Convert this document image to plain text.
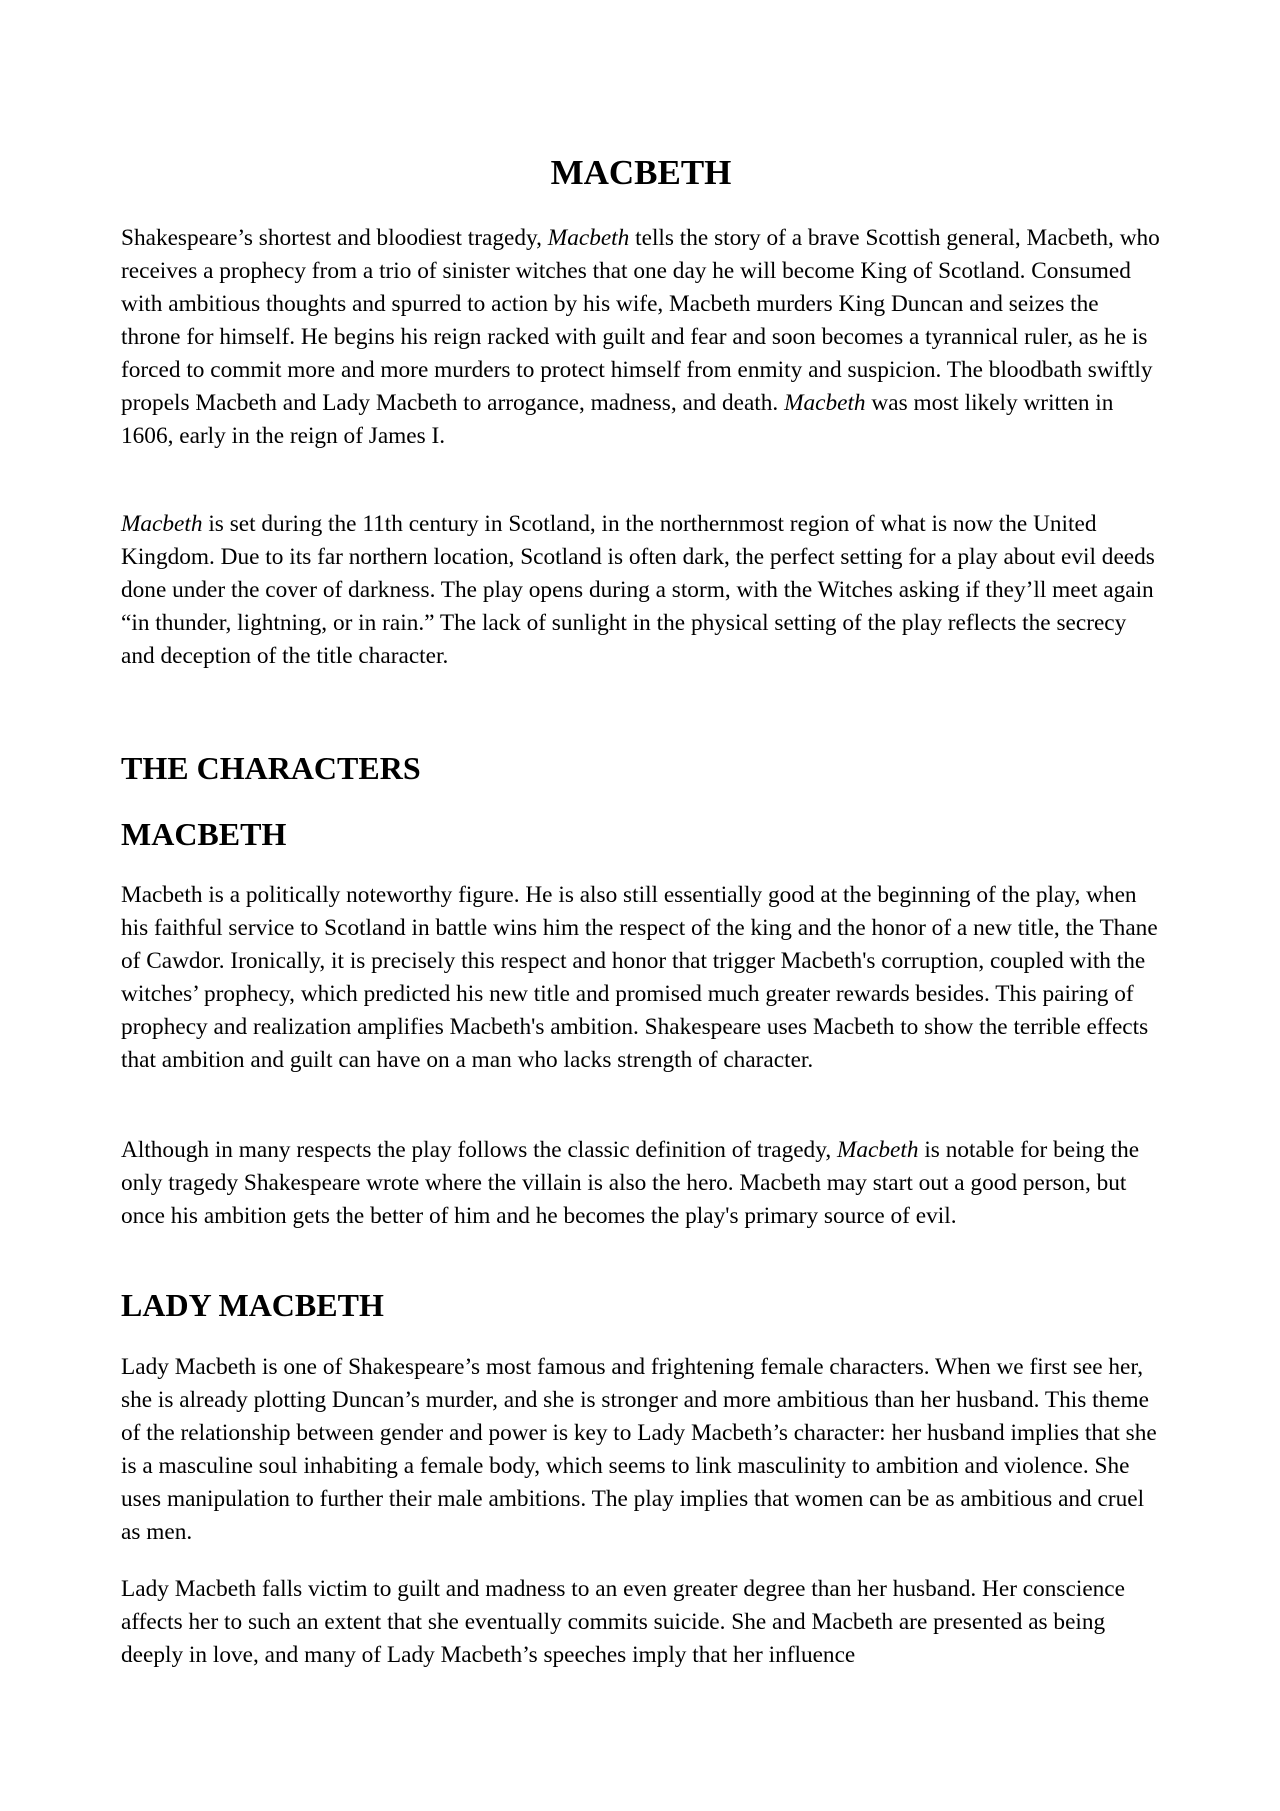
MACBETH

Shakespeare’s shortest and bloodiest tragedy, Macbeth tells the story of a brave Scottish general, Macbeth, who receives a prophecy from a trio of sinister witches that one day he will become King of Scotland. Consumed with ambitious thoughts and spurred to action by his wife, Macbeth murders King Duncan and seizes the throne for himself. He begins his reign racked with guilt and fear and soon becomes a tyrannical ruler, as he is forced to commit more and more murders to protect himself from enmity and suspicion. The bloodbath swiftly propels Macbeth and Lady Macbeth to arrogance, madness, and death. Macbeth was most likely written in 1606, early in the reign of James I.

Macbeth is set during the 11th century in Scotland, in the northernmost region of what is now the United Kingdom. Due to its far northern location, Scotland is often dark, the perfect setting for a play about evil deeds done under the cover of darkness. The play opens during a storm, with the Witches asking if they’ll meet again “in thunder, lightning, or in rain.” The lack of sunlight in the physical setting of the play reflects the secrecy and deception of the title character.

THE CHARACTERS
MACBETH

Macbeth is a politically noteworthy figure. He is also still essentially good at the beginning of the play, when his faithful service to Scotland in battle wins him the respect of the king and the honor of a new title, the Thane of Cawdor. Ironically, it is precisely this respect and honor that trigger Macbeth's corruption, coupled with the witches’ prophecy, which predicted his new title and promised much greater rewards besides. This pairing of prophecy and realization amplifies Macbeth's ambition. Shakespeare uses Macbeth to show the terrible effects that ambition and guilt can have on a man who lacks strength of character.

Although in many respects the play follows the classic definition of tragedy, Macbeth is notable for being the only tragedy Shakespeare wrote where the villain is also the hero. Macbeth may start out a good person, but once his ambition gets the better of him and he becomes the play's primary source of evil.

LADY MACBETH

Lady Macbeth is one of Shakespeare’s most famous and frightening female characters. When we first see her, she is already plotting Duncan’s murder, and she is stronger and more ambitious than her husband. This theme of the relationship between gender and power is key to Lady Macbeth’s character: her husband implies that she is a masculine soul inhabiting a female body, which seems to link masculinity to ambition and violence. She uses manipulation to further their male ambitions. The play implies that women can be as ambitious and cruel as men.

Lady Macbeth falls victim to guilt and madness to an even greater degree than her husband. Her conscience affects her to such an extent that she eventually commits suicide. She and Macbeth are presented as being deeply in love, and many of Lady Macbeth’s speeches imply that her influence
